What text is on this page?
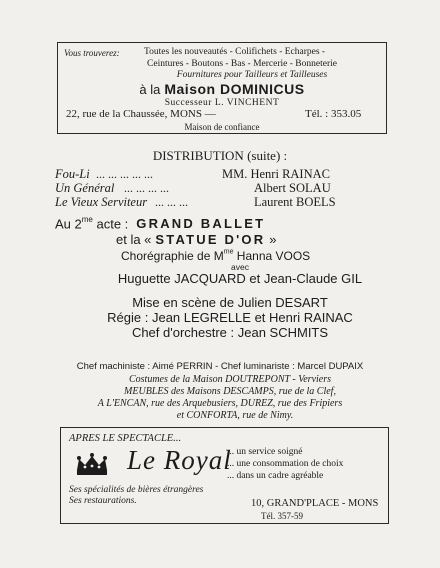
Vous trouverez:	Toutes les nouveautés - Colifichets - Echarpes -
Ceintures - Boutons - Bas - Mercerie - Bonneterie
Fournitures pour Tailleurs et Tailleuses
à la Maison DOMINICUS
Successeur L. VINCHENT
22, rue de la Chaussée, MONS —	Tél. : 353.05
Maison de confiance
DISTRIBUTION (suite) :
Fou-Li ... ... ... ... ...	MM. Henri RAINAC
Un Général ... ... ... ...	Albert SOLAU
Le Vieux Serviteur ... ... ...	Laurent BOELS
Au $2^{me}$ acte : GRAND BALLET
et la « STATUE D'OR »
Chorégraphie de $M^{me}$ Hanna VOOS
avec
Huguette JACQUARD et Jean-Claude GIL
Mise en scène de Julien DESART
Régie : Jean LEGRELLE et Henri RAINAC
Chef d'orchestre : Jean SCHMITS
Chef machiniste : Aimé PERRIN - Chef luminariste : Marcel DUPAIX
Costumes de la Maison DOUTREPONT - Verviers
MEUBLES des Maisons DESCAMPS, rue de la Clef,
A L'ENCAN, rue des Arquebusiers, DUREZ, rue des Fripiers
et CONFORTA, rue de Nimy.
APRES LE SPECTACLE...
Le Royal
... un service soigné
... une consommation de choix
... dans un cadre agréable
Ses spécialités de bières étrangères
Ses restaurations.	10, GRAND'PLACE - MONS
Tél. 357-59
